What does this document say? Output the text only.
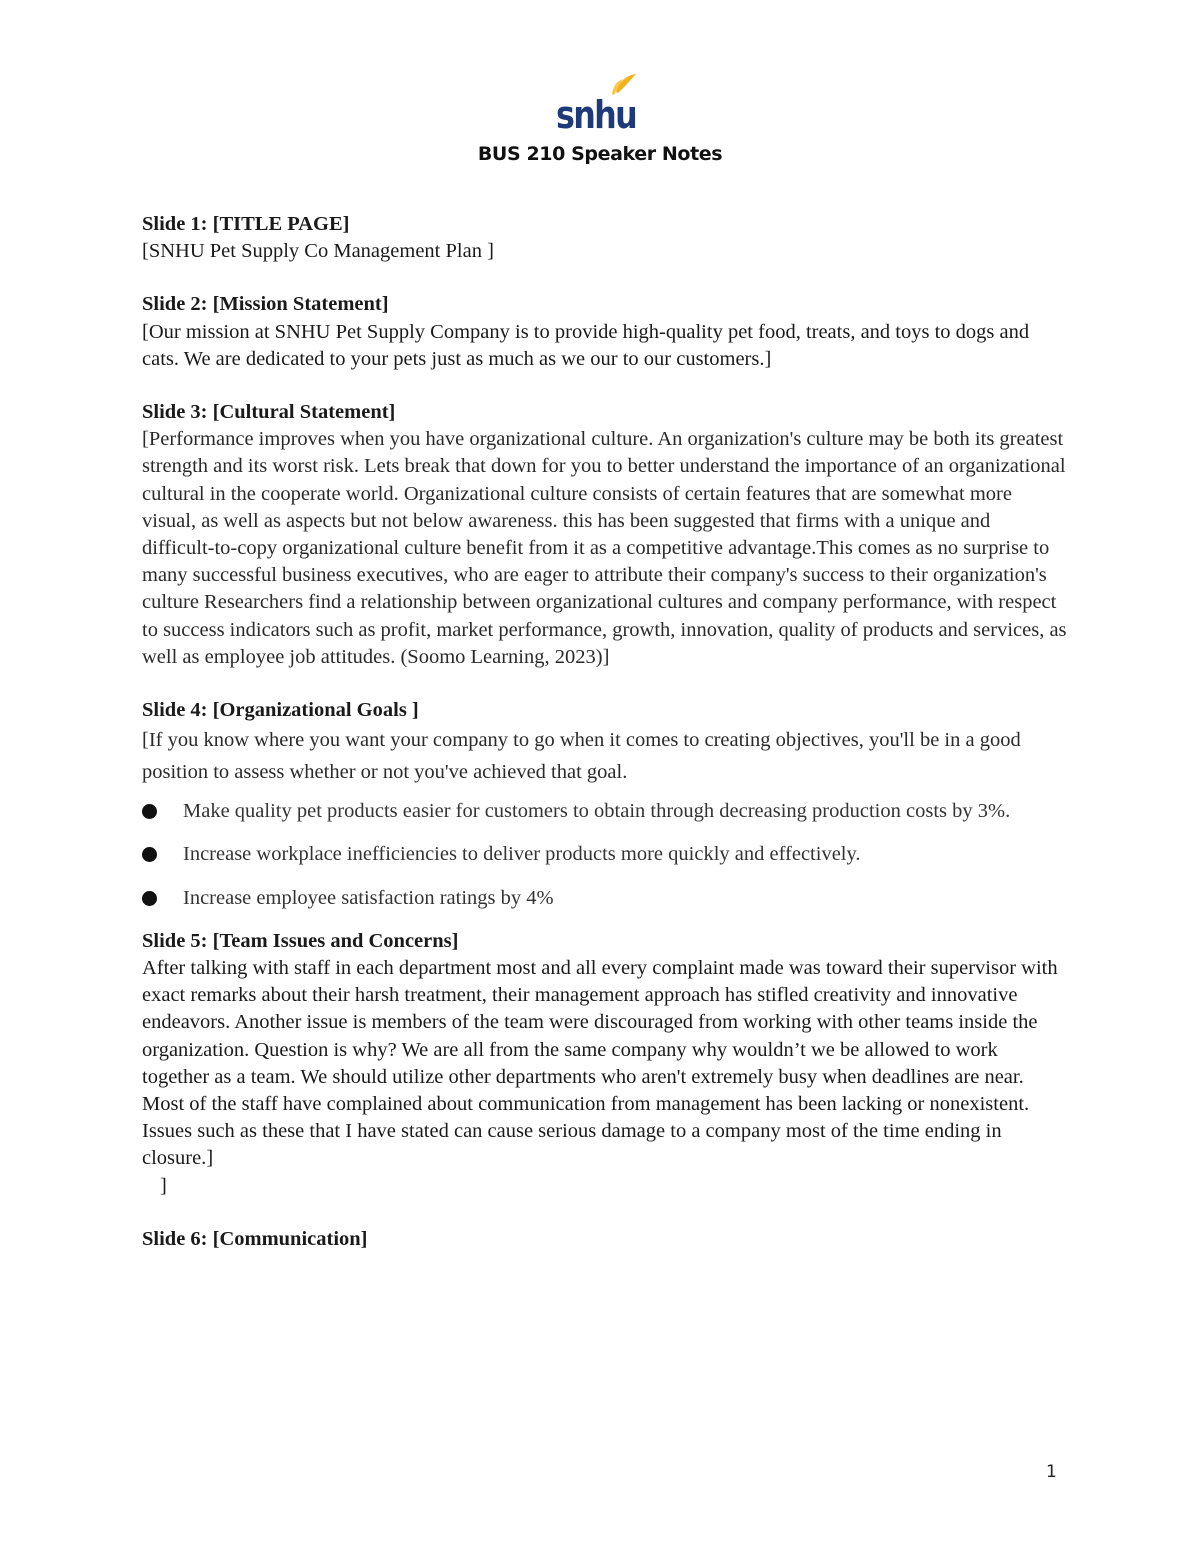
snhu
BUS 210 Speaker Notes

Slide 1: [TITLE PAGE]

[SNHU Pet Supply Co Management Plan ]

Slide 2: [Mission Statement]

[Our mission at SNHU Pet Supply Company is to provide high-quality pet food, treats, and toys to dogs and cats. We are dedicated to your pets just as much as we our to our customers.]

Slide 3: [Cultural Statement]

[Performance improves when you have organizational culture. An organization's culture may be both its greatest strength and its worst risk. Lets break that down for you to better understand the importance of an organizational cultural in the cooperate world. Organizational culture consists of certain features that are somewhat more visual, as well as aspects but not below awareness. this has been suggested that firms with a unique and difficult-to-copy organizational culture benefit from it as a competitive advantage.This comes as no surprise to many successful business executives, who are eager to attribute their company's success to their organization's culture Researchers find a relationship between organizational cultures and company performance, with respect to success indicators such as profit, market performance, growth, innovation, quality of products and services, as well as employee job attitudes. (Soomo Learning, 2023)]

Slide 4: [Organizational Goals ]

[If you know where you want your company to go when it comes to creating objectives, you'll be in a good position to assess whether or not you've achieved that goal.

Make quality pet products easier for customers to obtain through decreasing production costs by 3%.
Increase workplace inefficiencies to deliver products more quickly and effectively.
Increase employee satisfaction ratings by 4%

Slide 5: [Team Issues and Concerns]

After talking with staff in each department most and all every complaint made was toward their supervisor with exact remarks about their harsh treatment, their management approach has stifled creativity and innovative endeavors. Another issue is members of the team were discouraged from working with other teams inside the organization. Question is why? We are all from the same company why wouldn’t we be allowed to work together as a team. We should utilize other departments who aren't extremely busy when deadlines are near. Most of the staff have complained about communication from management has been lacking or nonexistent. Issues such as these that I have stated can cause serious damage to a company most of the time ending in closure.]

]

Slide 6: [Communication]

1
